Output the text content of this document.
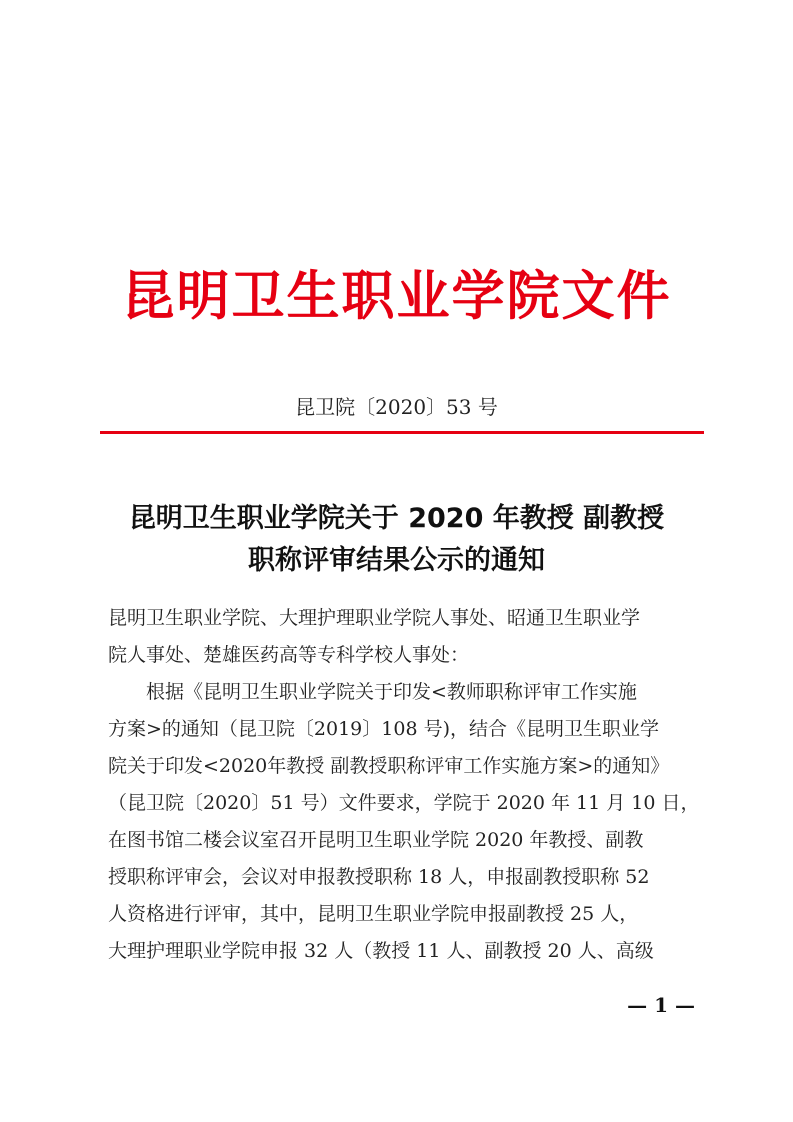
昆明卫生职业学院文件
昆卫院〔2020〕53 号
昆明卫生职业学院关于 2020 年教授 副教授
职称评审结果公示的通知
昆明卫生职业学院、大理护理职业学院人事处、昭通卫生职业学
院人事处、楚雄医药高等专科学校人事处：
根据《昆明卫生职业学院关于印发<教师职称评审工作实施
方案>的通知（昆卫院〔2019〕108 号)，结合《昆明卫生职业学
院关于印发<2020年教授 副教授职称评审工作实施方案>的通知》
（昆卫院〔2020〕51 号）文件要求，学院于 2020 年 11 月 10 日，
在图书馆二楼会议室召开昆明卫生职业学院 2020 年教授、副教
授职称评审会，会议对申报教授职称 18 人，申报副教授职称 52
人资格进行评审，其中，昆明卫生职业学院申报副教授 25 人，
大理护理职业学院申报 32 人（教授 11 人、副教授 20 人、高级
— 1 —
